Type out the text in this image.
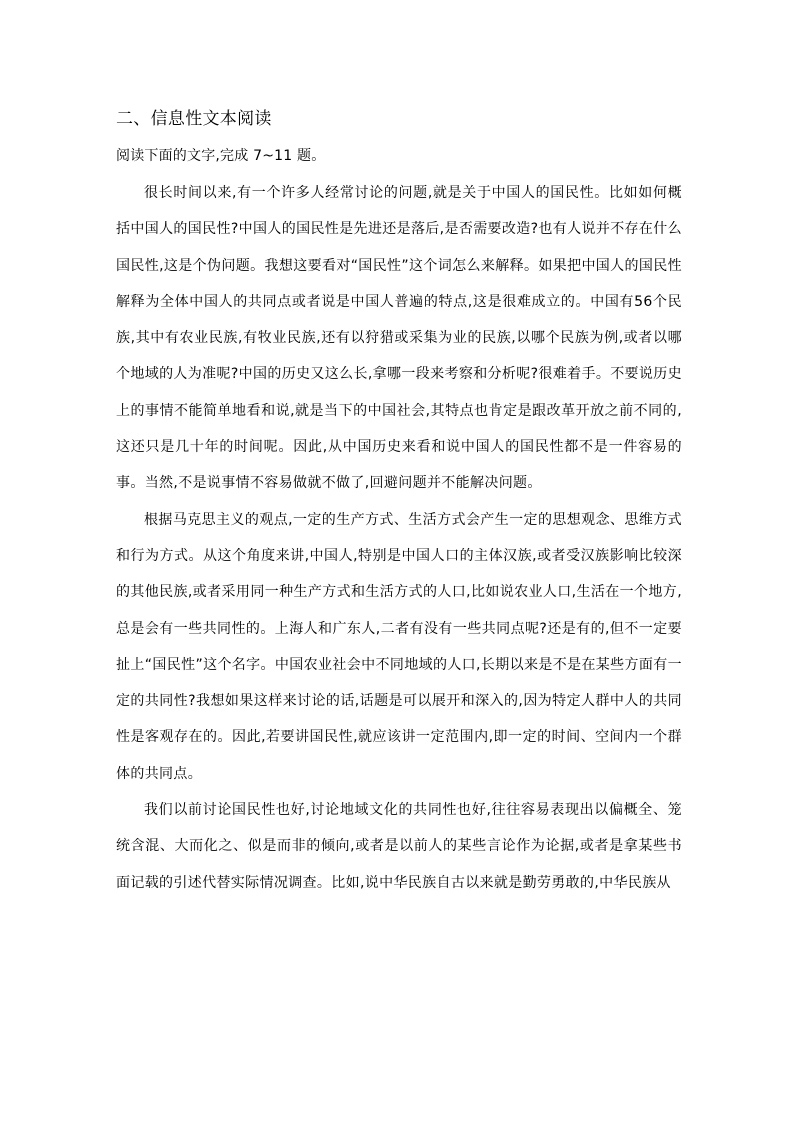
二、信息性文本阅读

阅读下面的文字,完成 7~11 题。

很长时间以来,有一个许多人经常讨论的问题,就是关于中国人的国民性。比如如何概括中国人的国民性?中国人的国民性是先进还是落后,是否需要改造?也有人说并不存在什么国民性,这是个伪问题。我想这要看对“国民性”这个词怎么来解释。如果把中国人的国民性解释为全体中国人的共同点或者说是中国人普遍的特点,这是很难成立的。中国有56个民族,其中有农业民族,有牧业民族,还有以狩猎或采集为业的民族,以哪个民族为例,或者以哪个地域的人为准呢?中国的历史又这么长,拿哪一段来考察和分析呢?很难着手。不要说历史上的事情不能简单地看和说,就是当下的中国社会,其特点也肯定是跟改革开放之前不同的,这还只是几十年的时间呢。因此,从中国历史来看和说中国人的国民性都不是一件容易的事。当然,不是说事情不容易做就不做了,回避问题并不能解决问题。

根据马克思主义的观点,一定的生产方式、生活方式会产生一定的思想观念、思维方式和行为方式。从这个角度来讲,中国人,特别是中国人口的主体汉族,或者受汉族影响比较深的其他民族,或者采用同一种生产方式和生活方式的人口,比如说农业人口,生活在一个地方,总是会有一些共同性的。上海人和广东人,二者有没有一些共同点呢?还是有的,但不一定要扯上“国民性”这个名字。中国农业社会中不同地域的人口,长期以来是不是在某些方面有一定的共同性?我想如果这样来讨论的话,话题是可以展开和深入的,因为特定人群中人的共同性是客观存在的。因此,若要讲国民性,就应该讲一定范围内,即一定的时间、空间内一个群体的共同点。

我们以前讨论国民性也好,讨论地域文化的共同性也好,往往容易表现出以偏概全、笼统含混、大而化之、似是而非的倾向,或者是以前人的某些言论作为论据,或者是拿某些书面记载的引述代替实际情况调查。比如,说中华民族自古以来就是勤劳勇敢的,中华民族从
